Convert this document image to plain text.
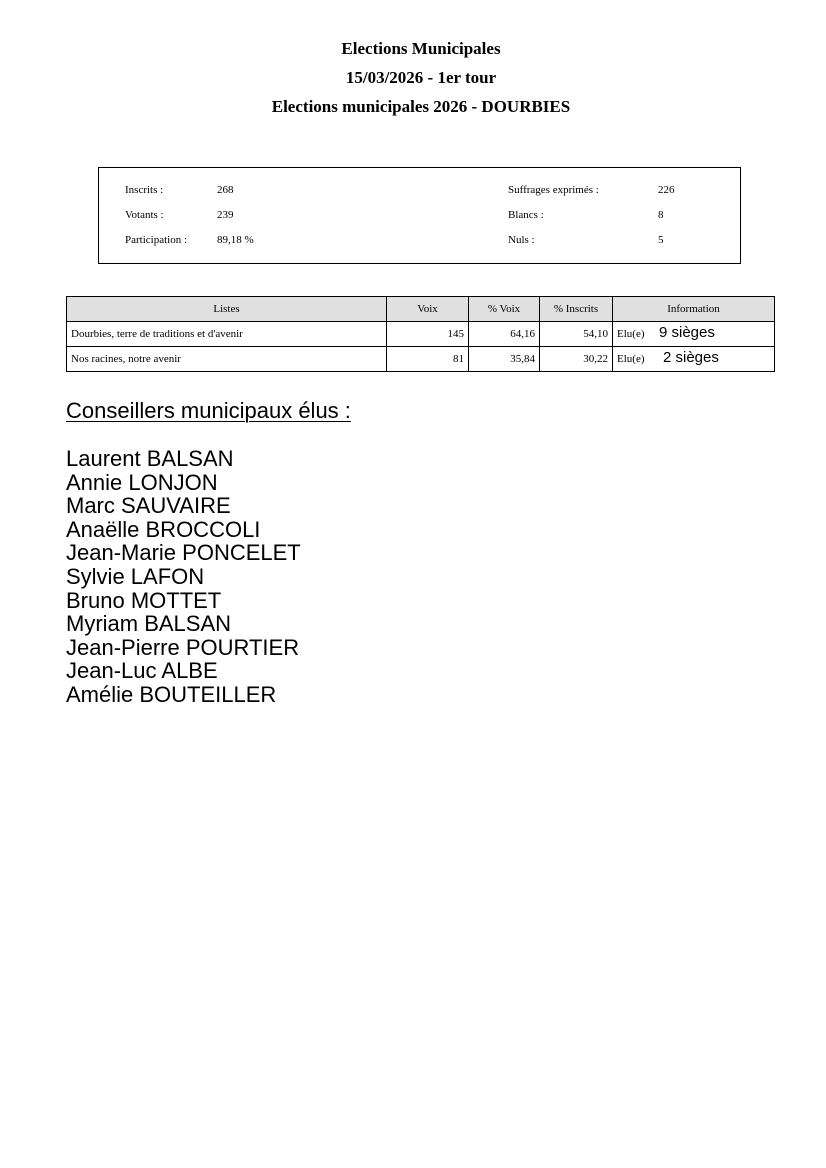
Elections Municipales
15/03/2026 - 1er tour
Elections municipales 2026 - DOURBIES
Inscrits :	268
Votants :	239
Participation :	89,18 %
Suffrages exprimés :	226
Blancs :	8
Nuls :	5
Listes	Voix	% Voix	% Inscrits	Information
Dourbies, terre de traditions et d'avenir	145	64,16	54,10	Elu(e) 9 sièges

Nos racines, notre avenir	81	35,84	30,22	Elu(e) 2 sièges
Conseillers municipaux élus :
Laurent BALSAN
Annie LONJON
Marc SAUVAIRE
Anaëlle BROCCOLI
Jean-Marie PONCELET
Sylvie LAFON
Bruno MOTTET
Myriam BALSAN
Jean-Pierre POURTIER
Jean-Luc ALBE
Amélie BOUTEILLER
